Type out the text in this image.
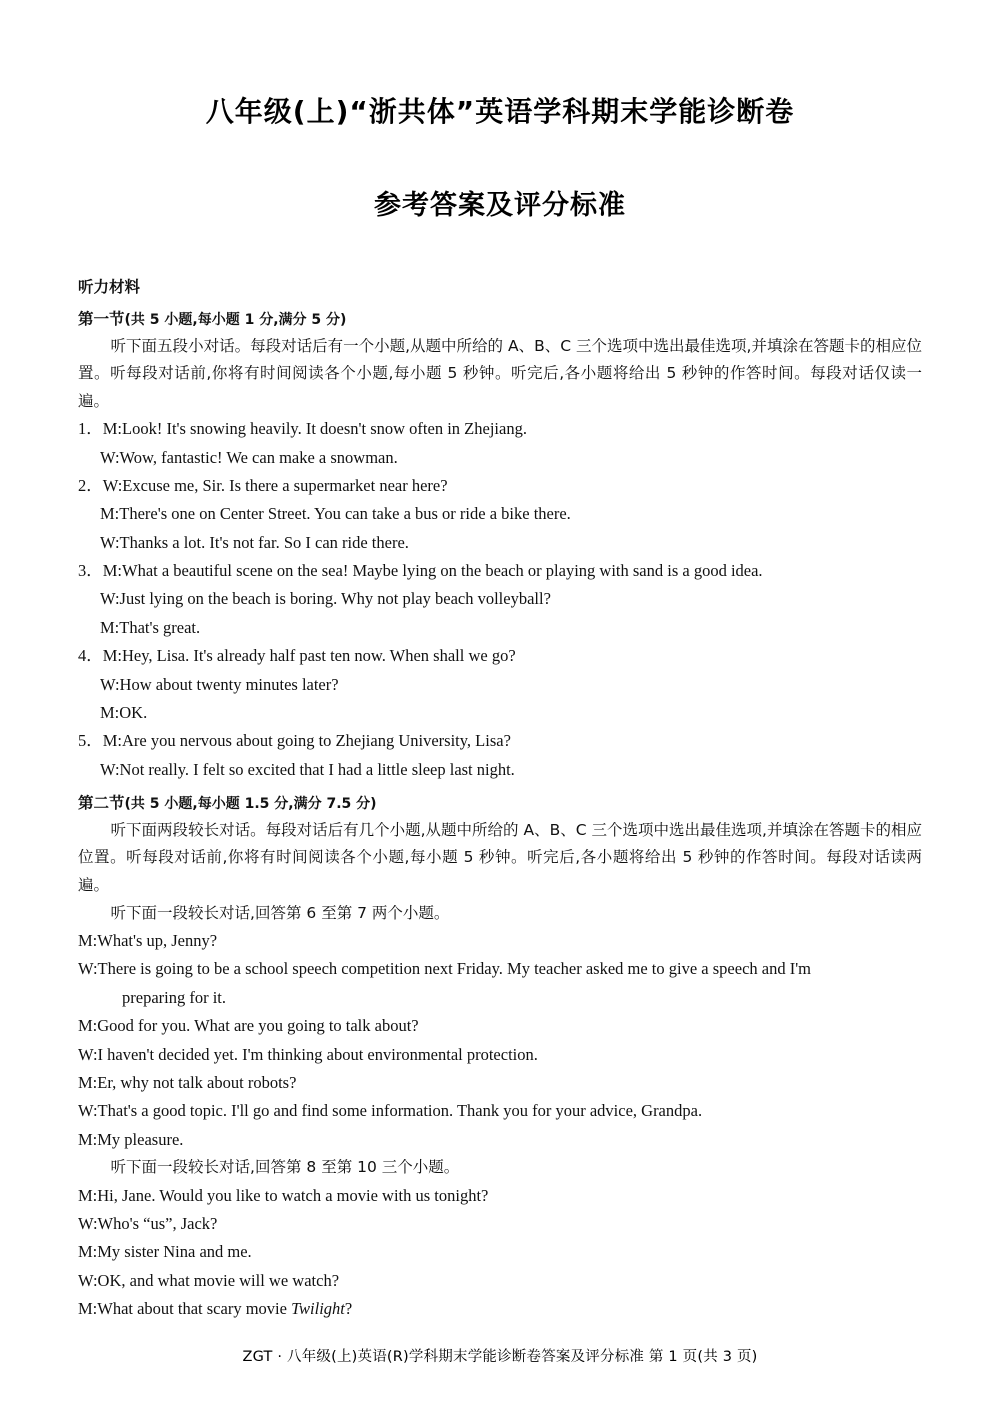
八年级(上)“浙共体”英语学科期末学能诊断卷
参考答案及评分标准
听力材料
第一节(共 5 小题,每小题 1 分,满分 5 分)
听下面五段小对话。每段对话后有一个小题,从题中所给的 A、B、C 三个选项中选出最佳选项,并填涂在答题卡的相应位置。听每段对话前,你将有时间阅读各个小题,每小题 5 秒钟。听完后,各小题将给出 5 秒钟的作答时间。每段对话仅读一遍。
1．M:Look! It's snowing heavily. It doesn't snow often in Zhejiang.
W:Wow, fantastic! We can make a snowman.
2．W:Excuse me, Sir. Is there a supermarket near here?
M:There's one on Center Street. You can take a bus or ride a bike there.
W:Thanks a lot. It's not far. So I can ride there.
3．M:What a beautiful scene on the sea! Maybe lying on the beach or playing with sand is a good idea.
W:Just lying on the beach is boring. Why not play beach volleyball?
M:That's great.
4．M:Hey, Lisa. It's already half past ten now. When shall we go?
W:How about twenty minutes later?
M:OK.
5．M:Are you nervous about going to Zhejiang University, Lisa?
W:Not really. I felt so excited that I had a little sleep last night.
第二节(共 5 小题,每小题 1.5 分,满分 7.5 分)
听下面两段较长对话。每段对话后有几个小题,从题中所给的 A、B、C 三个选项中选出最佳选项,并填涂在答题卡的相应位置。听每段对话前,你将有时间阅读各个小题,每小题 5 秒钟。听完后,各小题将给出 5 秒钟的作答时间。每段对话读两遍。
听下面一段较长对话,回答第 6 至第 7 两个小题。
M:What's up, Jenny?
W:There is going to be a school speech competition next Friday. My teacher asked me to give a speech and I'm
preparing for it.
M:Good for you. What are you going to talk about?
W:I haven't decided yet. I'm thinking about environmental protection.
M:Er, why not talk about robots?
W:That's a good topic. I'll go and find some information. Thank you for your advice, Grandpa.
M:My pleasure.
听下面一段较长对话,回答第 8 至第 10 三个小题。
M:Hi, Jane. Would you like to watch a movie with us tonight?
W:Who's “us”, Jack?
M:My sister Nina and me.
W:OK, and what movie will we watch?
M:What about that scary movie Twilight?
ZGT · 八年级(上)英语(R)学科期末学能诊断卷答案及评分标准 第 1 页(共 3 页)
